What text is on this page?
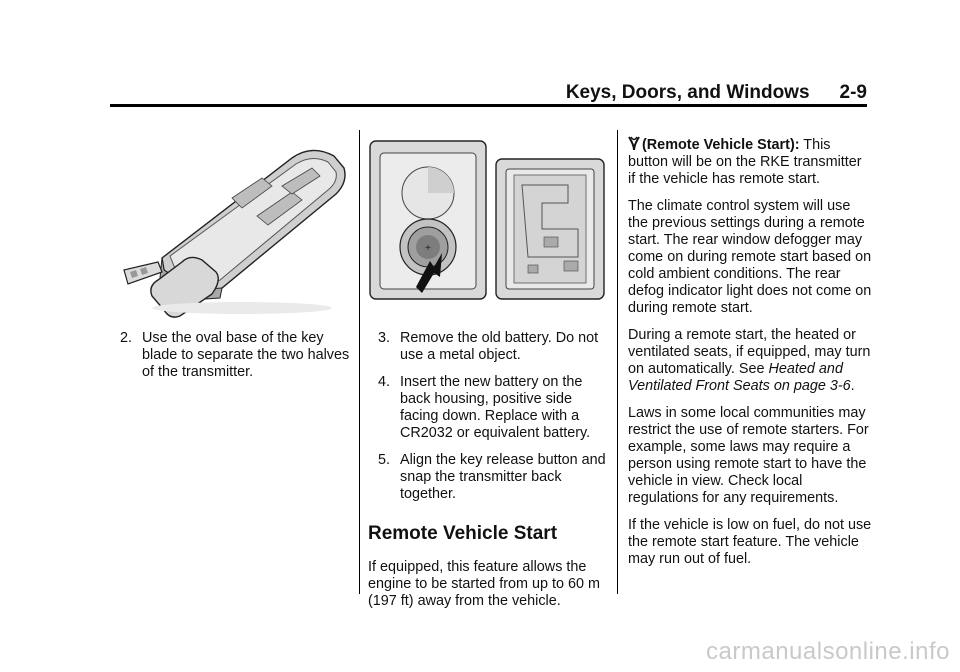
Keys, Doors, and Windows 2-9
2. Use the oval base of the key blade to separate the two halves of the transmitter.
+
3. Remove the old battery. Do not use a metal object.
4. Insert the new battery on the back housing, positive side facing down. Replace with a CR2032 or equivalent battery.
5. Align the key release button and snap the transmitter back together.
Remote Vehicle Start

If equipped, this feature allows the engine to be started from up to 60 m (197 ft) away from the vehicle.

(Remote Vehicle Start): This button will be on the RKE transmitter if the vehicle has remote start.

The climate control system will use the previous settings during a remote start. The rear window defogger may come on during remote start based on cold ambient conditions. The rear defog indicator light does not come on during remote start.

During a remote start, the heated or ventilated seats, if equipped, may turn on automatically. See Heated and Ventilated Front Seats on page 3-6.

Laws in some local communities may restrict the use of remote starters. For example, some laws may require a person using remote start to have the vehicle in view. Check local regulations for any requirements.

If the vehicle is low on fuel, do not use the remote start feature. The vehicle may run out of fuel.

carmanualsonline.info
